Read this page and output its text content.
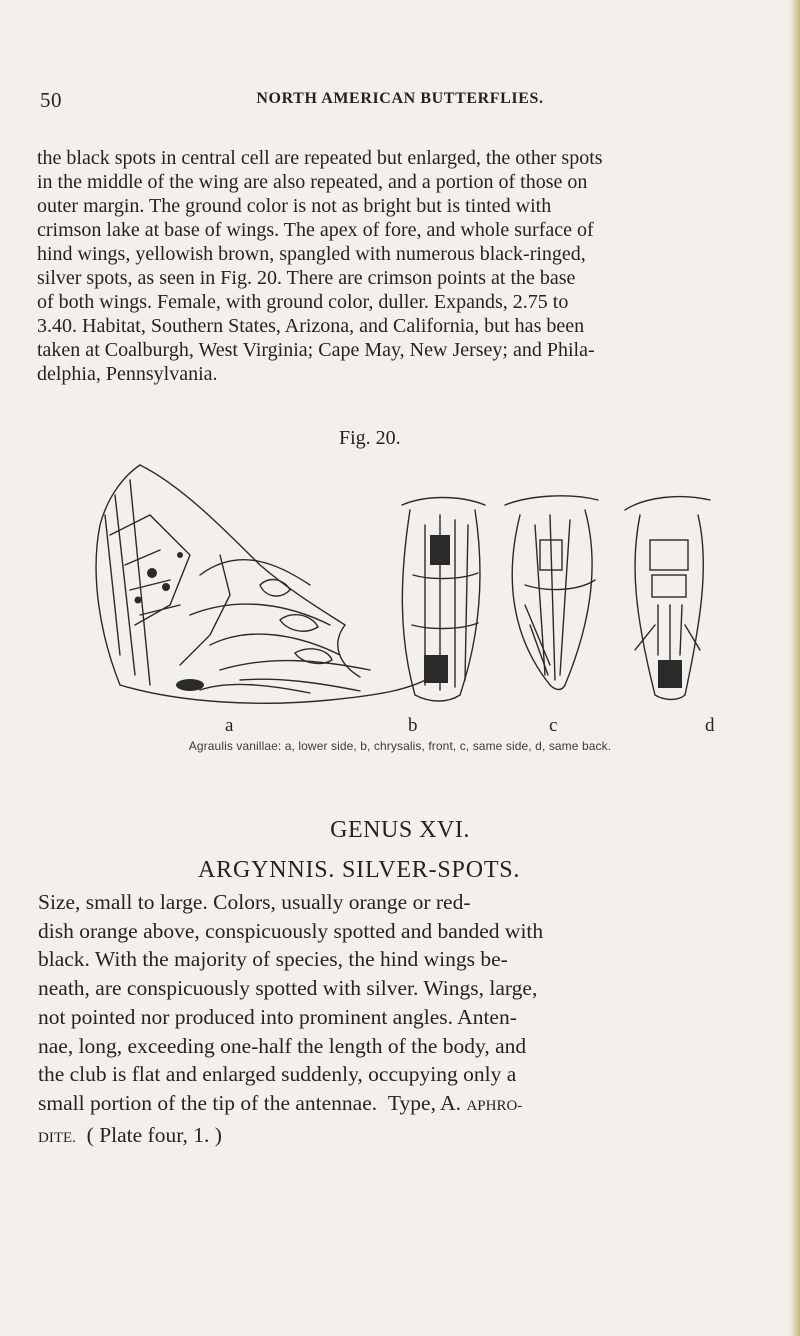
50	NORTH AMERICAN BUTTERFLIES.
the black spots in central cell are repeated but enlarged, the other spots
in the middle of the wing are also repeated, and a portion of those on
outer margin. The ground color is not as bright but is tinted with
crimson lake at base of wings. The apex of fore, and whole surface of
hind wings, yellowish brown, spangled with numerous black-ringed,
silver spots, as seen in Fig. 20. There are crimson points at the base
of both wings. Female, with ground color, duller. Expands, 2.75 to
3.40. Habitat, Southern States, Arizona, and California, but has been
taken at Coalburgh, West Virginia; Cape May, New Jersey; and Phila-
delphia, Pennsylvania.
Fig. 20.
a	b	c	d
Agraulis vanillae: a, lower side, b, chrysalis, front, c, same side, d, same back.
GENUS XVI.
ARGYNNIS. SILVER-SPOTS.
Size, small to large. Colors, usually orange or red-
dish orange above, conspicuously spotted and banded with
black. With the majority of species, the hind wings be-
neath, are conspicuously spotted with silver. Wings, large,
not pointed nor produced into prominent angles. Anten-
nae, long, exceeding one-half the length of the body, and
the club is flat and enlarged suddenly, occupying only a
small portion of the tip of the antennae. Type, A. APHRO-
DITE. ( Plate four, 1. )
